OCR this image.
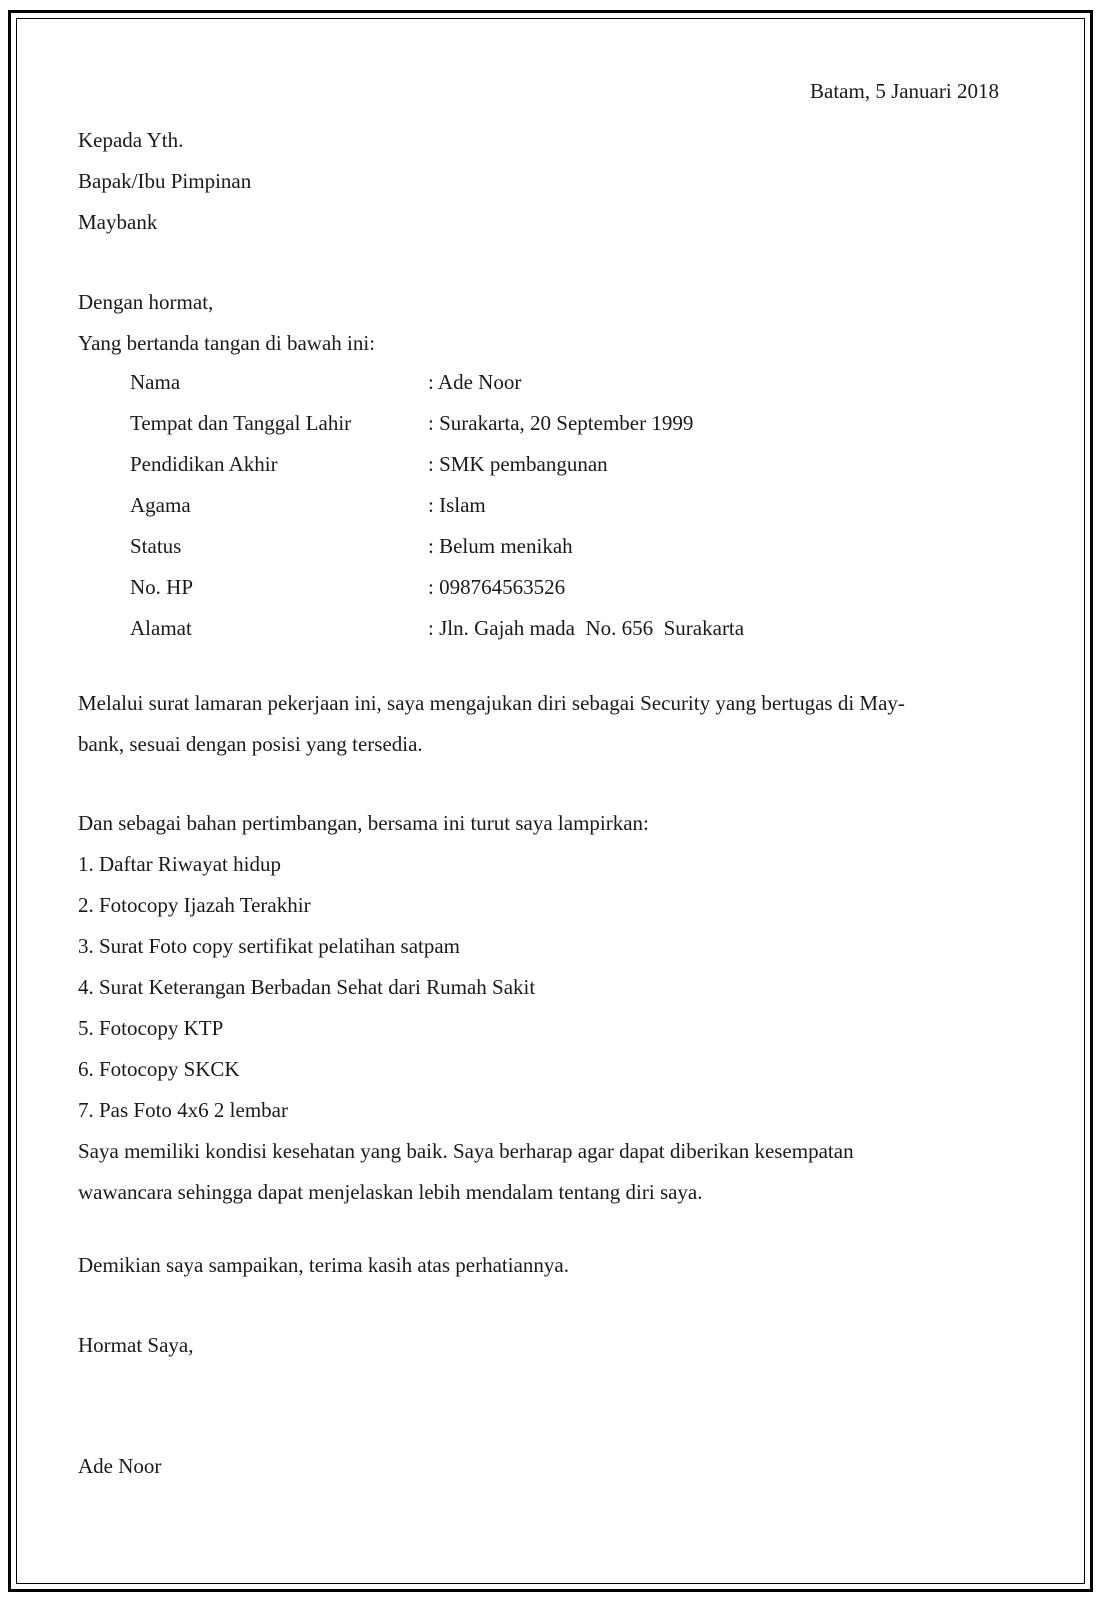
Batam, 5 Januari 2018
Kepada Yth.
Bapak/Ibu Pimpinan
Maybank
Dengan hormat,
Yang bertanda tangan di bawah ini:
Nama	: Ade Noor
Tempat dan Tanggal Lahir	: Surakarta, 20 September 1999
Pendidikan Akhir	: SMK pembangunan
Agama	: Islam
Status	: Belum menikah
No. HP	: 098764563526
Alamat	: Jln. Gajah mada  No. 656  Surakarta
Melalui surat lamaran pekerjaan ini, saya mengajukan diri sebagai Security yang bertugas di May-
bank, sesuai dengan posisi yang tersedia.
Dan sebagai bahan pertimbangan, bersama ini turut saya lampirkan:
1. Daftar Riwayat hidup
2. Fotocopy Ijazah Terakhir
3. Surat Foto copy sertifikat pelatihan satpam
4. Surat Keterangan Berbadan Sehat dari Rumah Sakit
5. Fotocopy KTP
6. Fotocopy SKCK
7. Pas Foto 4x6 2 lembar
Saya memiliki kondisi kesehatan yang baik. Saya berharap agar dapat diberikan kesempatan
wawancara sehingga dapat menjelaskan lebih mendalam tentang diri saya.
Demikian saya sampaikan, terima kasih atas perhatiannya.
Hormat Saya,
Ade Noor
